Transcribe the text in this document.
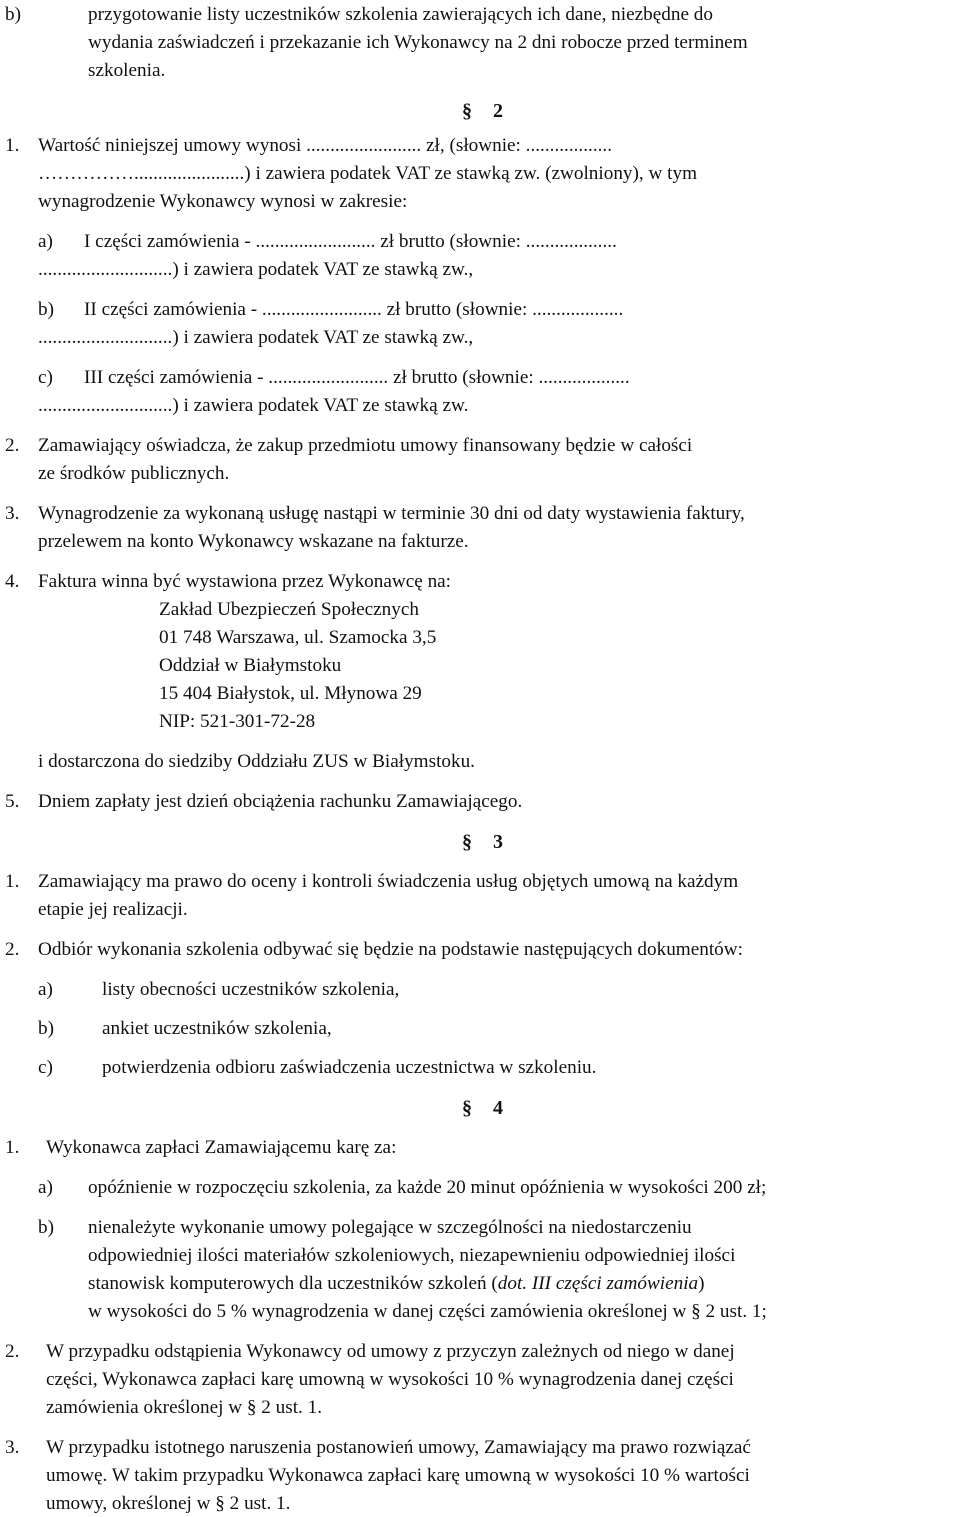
b)	przygotowanie listy uczestników szkolenia zawierających ich dane, niezbędne do
wydania zaświadczeń i przekazanie ich Wykonawcy na 2 dni robocze przed terminem
szkolenia.
§ 2
1. Wartość niniejszej umowy wynosi ........................ zł, (słownie: ..................
…………….......................) i zawiera podatek VAT ze stawką zw. (zwolniony), w tym
wynagrodzenie Wykonawcy wynosi w zakresie:
a) I części zamówienia - ......................... zł brutto (słownie: ...................
............................) i zawiera podatek VAT ze stawką zw.,
b) II części zamówienia - ......................... zł brutto (słownie: ...................
............................) i zawiera podatek VAT ze stawką zw.,
c) III części zamówienia - ......................... zł brutto (słownie: ...................
............................) i zawiera podatek VAT ze stawką zw.
2. Zamawiający oświadcza, że zakup przedmiotu umowy finansowany będzie w całości
ze środków publicznych.
3. Wynagrodzenie za wykonaną usługę nastąpi w terminie 30 dni od daty wystawienia faktury,
przelewem na konto Wykonawcy wskazane na fakturze.
4. Faktura winna być wystawiona przez Wykonawcę na:
Zakład Ubezpieczeń Społecznych
01 748 Warszawa, ul. Szamocka 3,5
Oddział w Białymstoku
15 404 Białystok, ul. Młynowa 29
NIP: 521-301-72-28
i dostarczona do siedziby Oddziału ZUS w Białymstoku.
5. Dniem zapłaty jest dzień obciążenia rachunku Zamawiającego.
§ 3
1. Zamawiający ma prawo do oceny i kontroli świadczenia usług objętych umową na każdym
etapie jej realizacji.
2. Odbiór wykonania szkolenia odbywać się będzie na podstawie następujących dokumentów:
a)	listy obecności uczestników szkolenia,
b)	ankiet uczestników szkolenia,
c)	potwierdzenia odbioru zaświadczenia uczestnictwa w szkoleniu.
§ 4
1. Wykonawca zapłaci Zamawiającemu karę za:
a) opóźnienie w rozpoczęciu szkolenia, za każde 20 minut opóźnienia w wysokości 200 zł;
b) nienależyte wykonanie umowy polegające w szczególności na niedostarczeniu
odpowiedniej ilości materiałów szkoleniowych, niezapewnieniu odpowiedniej ilości
stanowisk komputerowych dla uczestników szkoleń (dot. III części zamówienia)
w wysokości do 5 % wynagrodzenia w danej części zamówienia określonej w § 2 ust. 1;
2. W przypadku odstąpienia Wykonawcy od umowy z przyczyn zależnych od niego w danej
części, Wykonawca zapłaci karę umowną w wysokości 10 % wynagrodzenia danej części
zamówienia określonej w § 2 ust. 1.
3. W przypadku istotnego naruszenia postanowień umowy, Zamawiający ma prawo rozwiązać
umowę. W takim przypadku Wykonawca zapłaci karę umowną w wysokości 10 % wartości
umowy, określonej w § 2 ust. 1.
